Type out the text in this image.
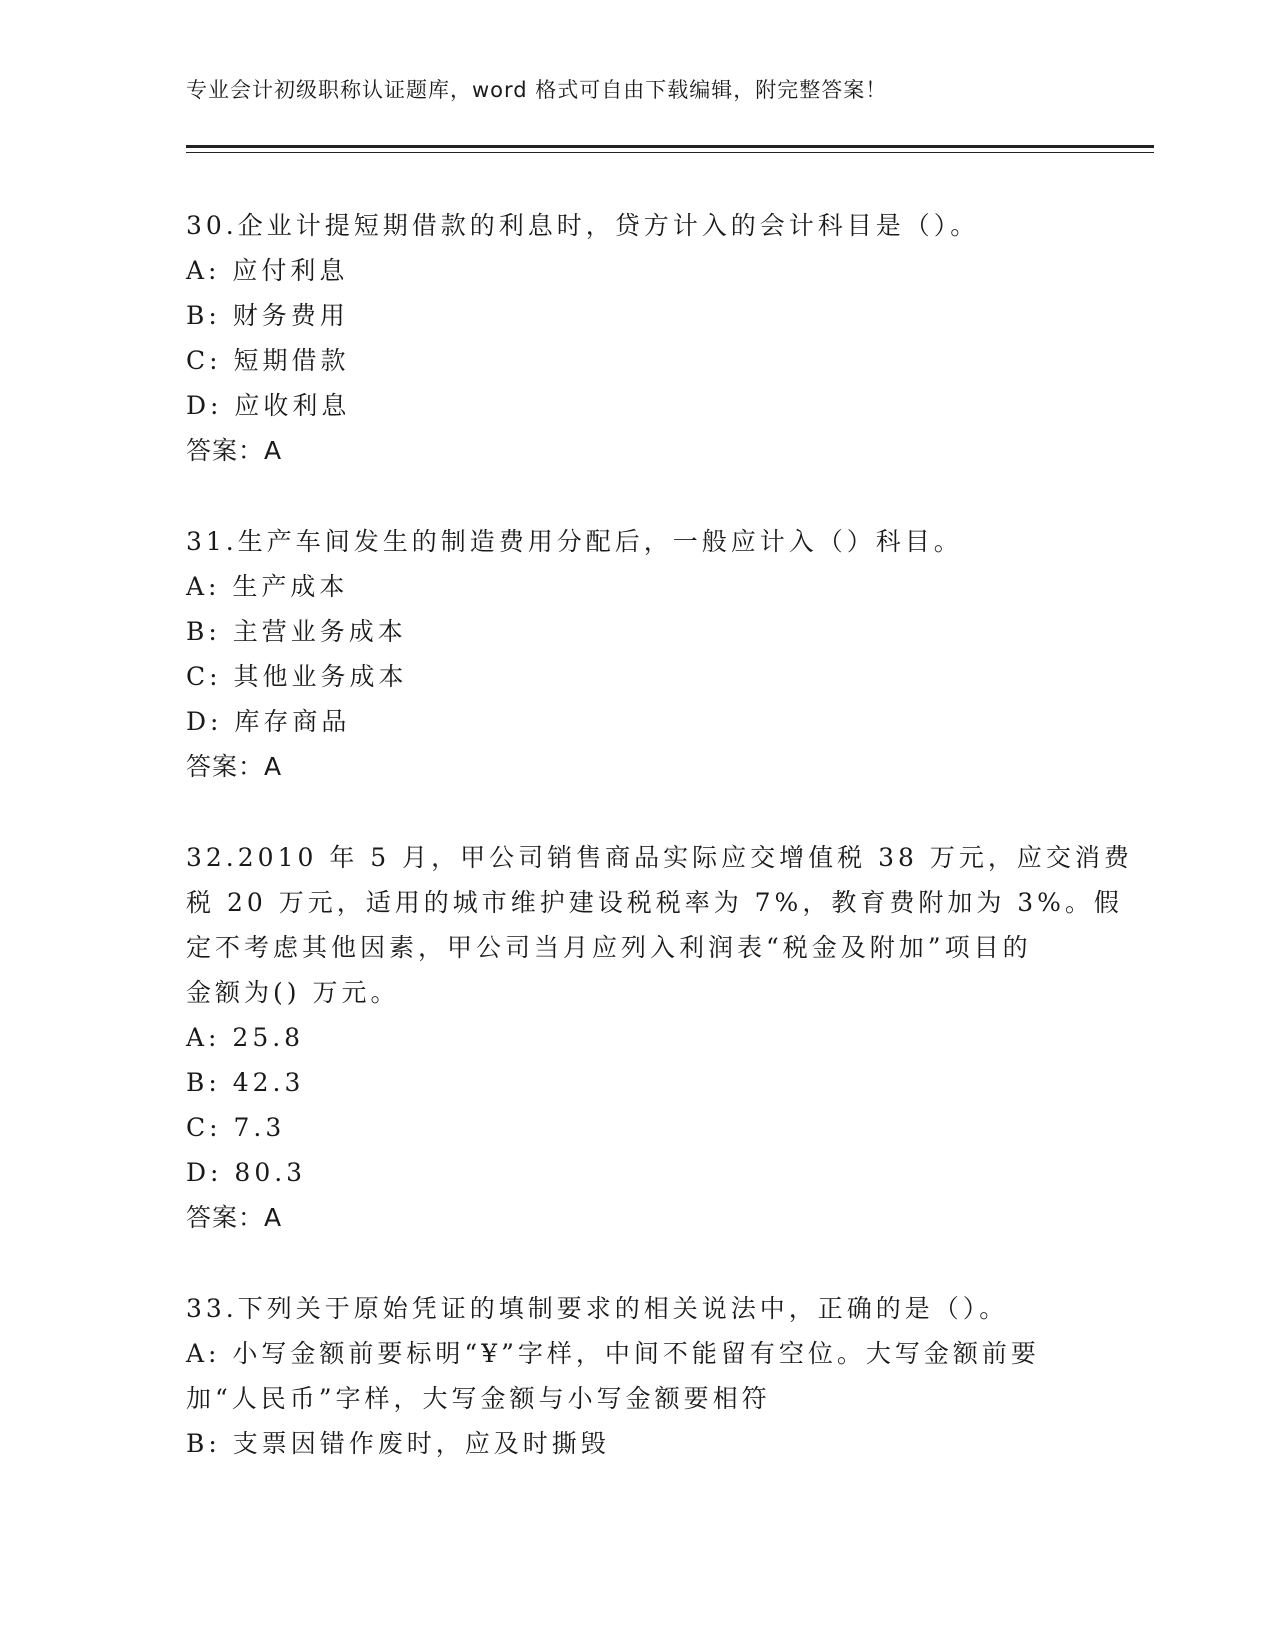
专业会计初级职称认证题库，word 格式可自由下载编辑，附完整答案！
30.企业计提短期借款的利息时，贷方计入的会计科目是（）。
A: 应付利息
B: 财务费用
C: 短期借款
D: 应收利息
答案：A
31.生产车间发生的制造费用分配后，一般应计入（）科目。
A: 生产成本
B: 主营业务成本
C: 其他业务成本
D: 库存商品
答案：A
32.2010 年 5 月，甲公司销售商品实际应交增值税 38 万元，应交消费
税 20 万元，适用的城市维护建设税税率为 7%，教育费附加为 3%。假
定不考虑其他因素，甲公司当月应列入利润表“税金及附加”项目的
金额为() 万元。
A: 25.8
B: 42.3
C: 7.3
D: 80.3
答案：A
33.下列关于原始凭证的填制要求的相关说法中，正确的是（）。
A: 小写金额前要标明“¥”字样，中间不能留有空位。大写金额前要
加“人民币”字样，大写金额与小写金额要相符
B: 支票因错作废时，应及时撕毁
